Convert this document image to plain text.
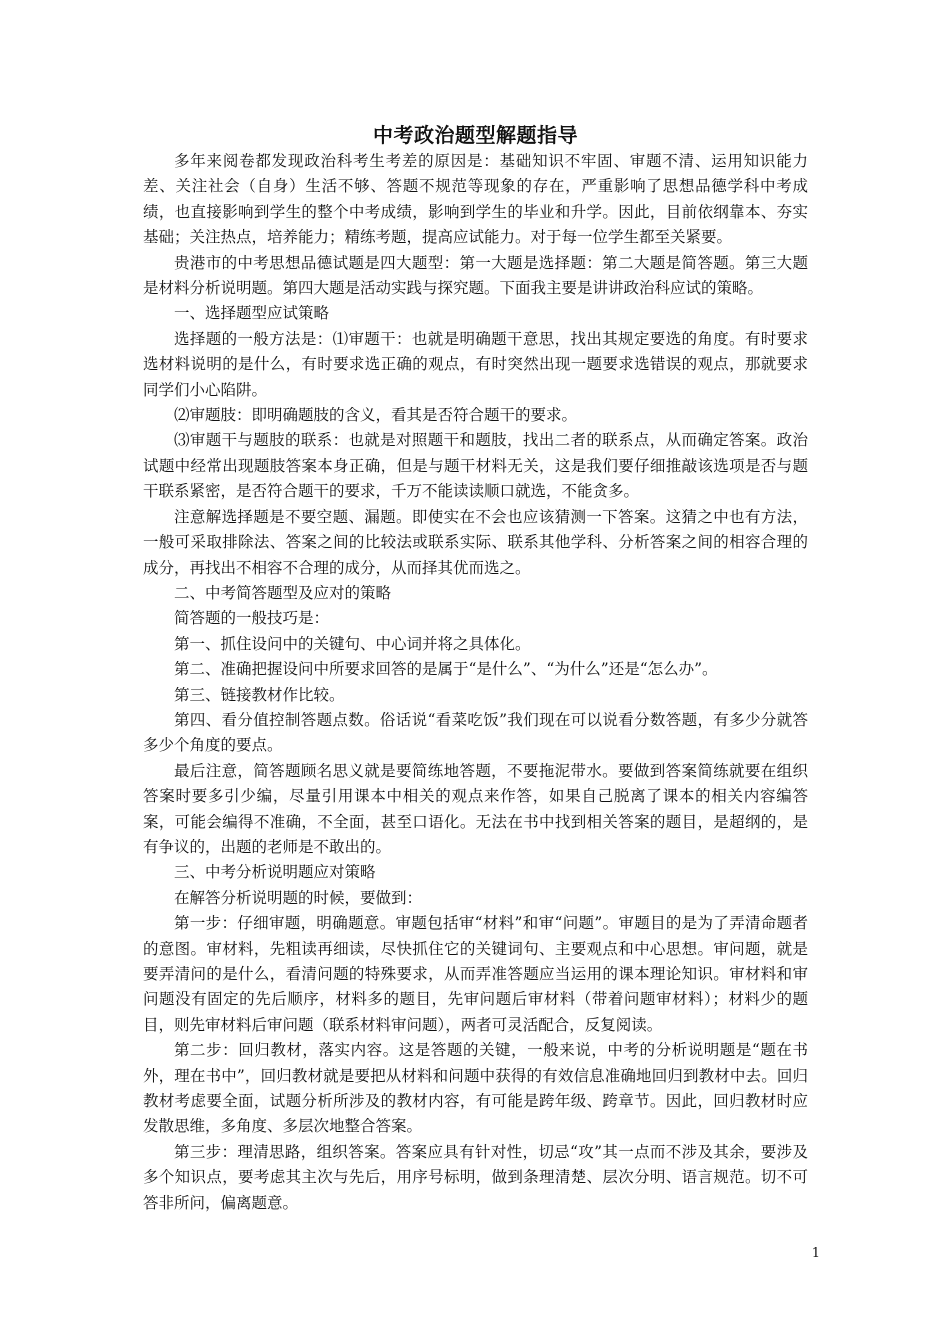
中考政治题型解题指导

多年来阅卷都发现政治科考生考差的原因是：基础知识不牢固、审题不清、运用知识能力差、关注社会（自身）生活不够、答题不规范等现象的存在，严重影响了思想品德学科中考成绩，也直接影响到学生的整个中考成绩，影响到学生的毕业和升学。因此，目前依纲靠本、夯实基础；关注热点，培养能力；精练考题，提高应试能力。对于每一位学生都至关紧要。

贵港市的中考思想品德试题是四大题型：第一大题是选择题：第二大题是简答题。第三大题是材料分析说明题。第四大题是活动实践与探究题。下面我主要是讲讲政治科应试的策略。

一、选择题型应试策略

选择题的一般方法是：⑴审题干：也就是明确题干意思，找出其规定要选的角度。有时要求选材料说明的是什么，有时要求选正确的观点，有时突然出现一题要求选错误的观点，那就要求同学们小心陷阱。

⑵审题肢：即明确题肢的含义，看其是否符合题干的要求。

⑶审题干与题肢的联系：也就是对照题干和题肢，找出二者的联系点，从而确定答案。政治试题中经常出现题肢答案本身正确，但是与题干材料无关，这是我们要仔细推敲该选项是否与题干联系紧密，是否符合题干的要求，千万不能读读顺口就选，不能贪多。

注意解选择题是不要空题、漏题。即使实在不会也应该猜测一下答案。这猜之中也有方法，一般可采取排除法、答案之间的比较法或联系实际、联系其他学科、分析答案之间的相容合理的成分，再找出不相容不合理的成分，从而择其优而选之。

二、中考简答题型及应对的策略

简答题的一般技巧是：

第一、抓住设问中的关键句、中心词并将之具体化。

第二、准确把握设问中所要求回答的是属于“是什么”、“为什么”还是“怎么办”。

第三、链接教材作比较。

第四、看分值控制答题点数。俗话说“看菜吃饭”我们现在可以说看分数答题，有多少分就答多少个角度的要点。

最后注意，简答题顾名思义就是要简练地答题，不要拖泥带水。要做到答案简练就要在组织答案时要多引少编，尽量引用课本中相关的观点来作答，如果自己脱离了课本的相关内容编答案，可能会编得不准确，不全面，甚至口语化。无法在书中找到相关答案的题目，是超纲的，是有争议的，出题的老师是不敢出的。

三、中考分析说明题应对策略

在解答分析说明题的时候，要做到：

第一步：仔细审题，明确题意。审题包括审“材料”和审“问题”。审题目的是为了弄清命题者的意图。审材料，先粗读再细读，尽快抓住它的关键词句、主要观点和中心思想。审问题，就是要弄清问的是什么，看清问题的特殊要求，从而弄准答题应当运用的课本理论知识。审材料和审问题没有固定的先后顺序，材料多的题目，先审问题后审材料（带着问题审材料）；材料少的题目，则先审材料后审问题（联系材料审问题），两者可灵活配合，反复阅读。

第二步：回归教材，落实内容。这是答题的关键，一般来说，中考的分析说明题是“题在书外，理在书中”，回归教材就是要把从材料和问题中获得的有效信息准确地回归到教材中去。回归教材考虑要全面，试题分析所涉及的教材内容，有可能是跨年级、跨章节。因此，回归教材时应发散思维，多角度、多层次地整合答案。

第三步：理清思路，组织答案。答案应具有针对性，切忌“攻”其一点而不涉及其余，要涉及多个知识点，要考虑其主次与先后，用序号标明，做到条理清楚、层次分明、语言规范。切不可答非所问，偏离题意。

1
